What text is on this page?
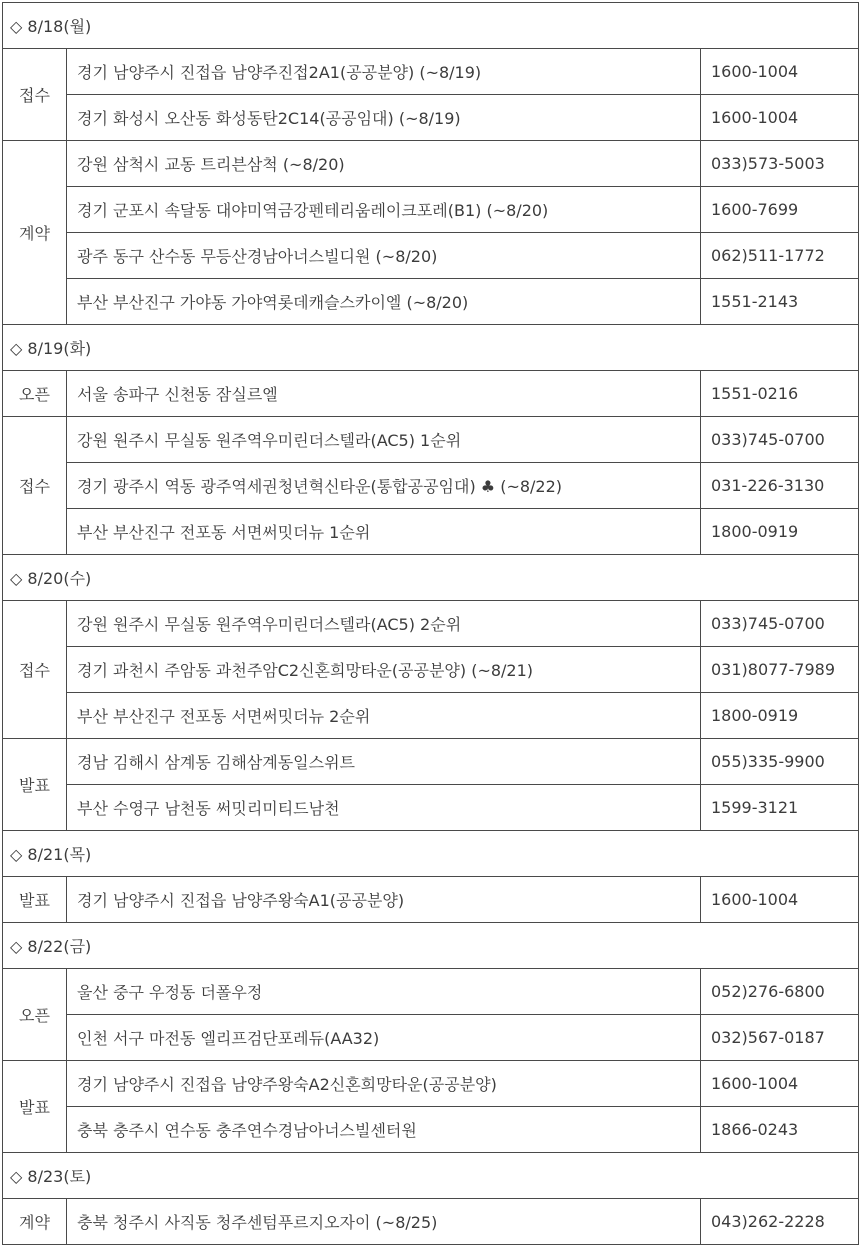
◇ 8/18(월)		
접수	경기 남양주시 진접읍 남양주진접2A1(공공분양) (~8/19)	1600-1004
	경기 화성시 오산동 화성동탄2C14(공공임대) (~8/19)	1600-1004
계약	강원 삼척시 교동 트리븐삼척 (~8/20)	033)573-5003
	경기 군포시 속달동 대야미역금강펜테리움레이크포레(B1) (~8/20)	1600-7699
	광주 동구 산수동 무등산경남아너스빌디원 (~8/20)	062)511-1772
	부산 부산진구 가야동 가야역롯데캐슬스카이엘 (~8/20)	1551-2143
◇ 8/19(화)		
오픈	서울 송파구 신천동 잠실르엘	1551-0216
접수	강원 원주시 무실동 원주역우미린더스텔라(AC5) 1순위	033)745-0700
	경기 광주시 역동 광주역세권청년혁신타운(통합공공임대) ♣ (~8/22)	031-226-3130
	부산 부산진구 전포동 서면써밋더뉴 1순위	1800-0919
◇ 8/20(수)		
접수	강원 원주시 무실동 원주역우미린더스텔라(AC5) 2순위	033)745-0700
	경기 과천시 주암동 과천주암C2신혼희망타운(공공분양) (~8/21)	031)8077-7989
	부산 부산진구 전포동 서면써밋더뉴 2순위	1800-0919
발표	경남 김해시 삼계동 김해삼계동일스위트	055)335-9900
	부산 수영구 남천동 써밋리미티드남천	1599-3121
◇ 8/21(목)		
발표	경기 남양주시 진접읍 남양주왕숙A1(공공분양)	1600-1004
◇ 8/22(금)		
오픈	울산 중구 우정동 더폴우정	052)276-6800
	인천 서구 마전동 엘리프검단포레듀(AA32)	032)567-0187
발표	경기 남양주시 진접읍 남양주왕숙A2신혼희망타운(공공분양)	1600-1004
	충북 충주시 연수동 충주연수경남아너스빌센터원	1866-0243
◇ 8/23(토)		
계약	충북 청주시 사직동 청주센텀푸르지오자이 (~8/25)	043)262-2228
